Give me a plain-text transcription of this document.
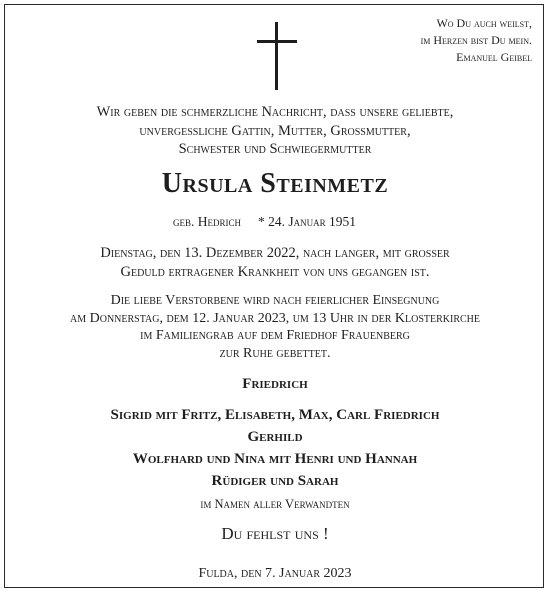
Wo Du auch weilst,
im Herzen bist Du mein.
Emanuel Geibel
Wir geben die schmerzliche Nachricht, dass unsere geliebte,
unvergessliche Gattin, Mutter, Großmutter,
Schwester und Schwiegermutter
Ursula Steinmetz
geb. Hedrich * 24. Januar 1951
Dienstag, den 13. Dezember 2022, nach langer, mit großer
Geduld ertragener Krankheit von uns gegangen ist.
Die liebe Verstorbene wird nach feierlicher Einsegnung
am Donnerstag, dem 12. Januar 2023, um 13 Uhr in der Klosterkirche
im Familiengrab auf dem Friedhof Frauenberg
zur Ruhe gebettet.
Friedrich
Sigrid mit Fritz, Elisabeth, Max, Carl Friedrich
Gerhild
Wolfhard und Nina mit Henri und Hannah
Rüdiger und Sarah
im Namen aller Verwandten
Du fehlst uns !
Fulda, den 7. Januar 2023
